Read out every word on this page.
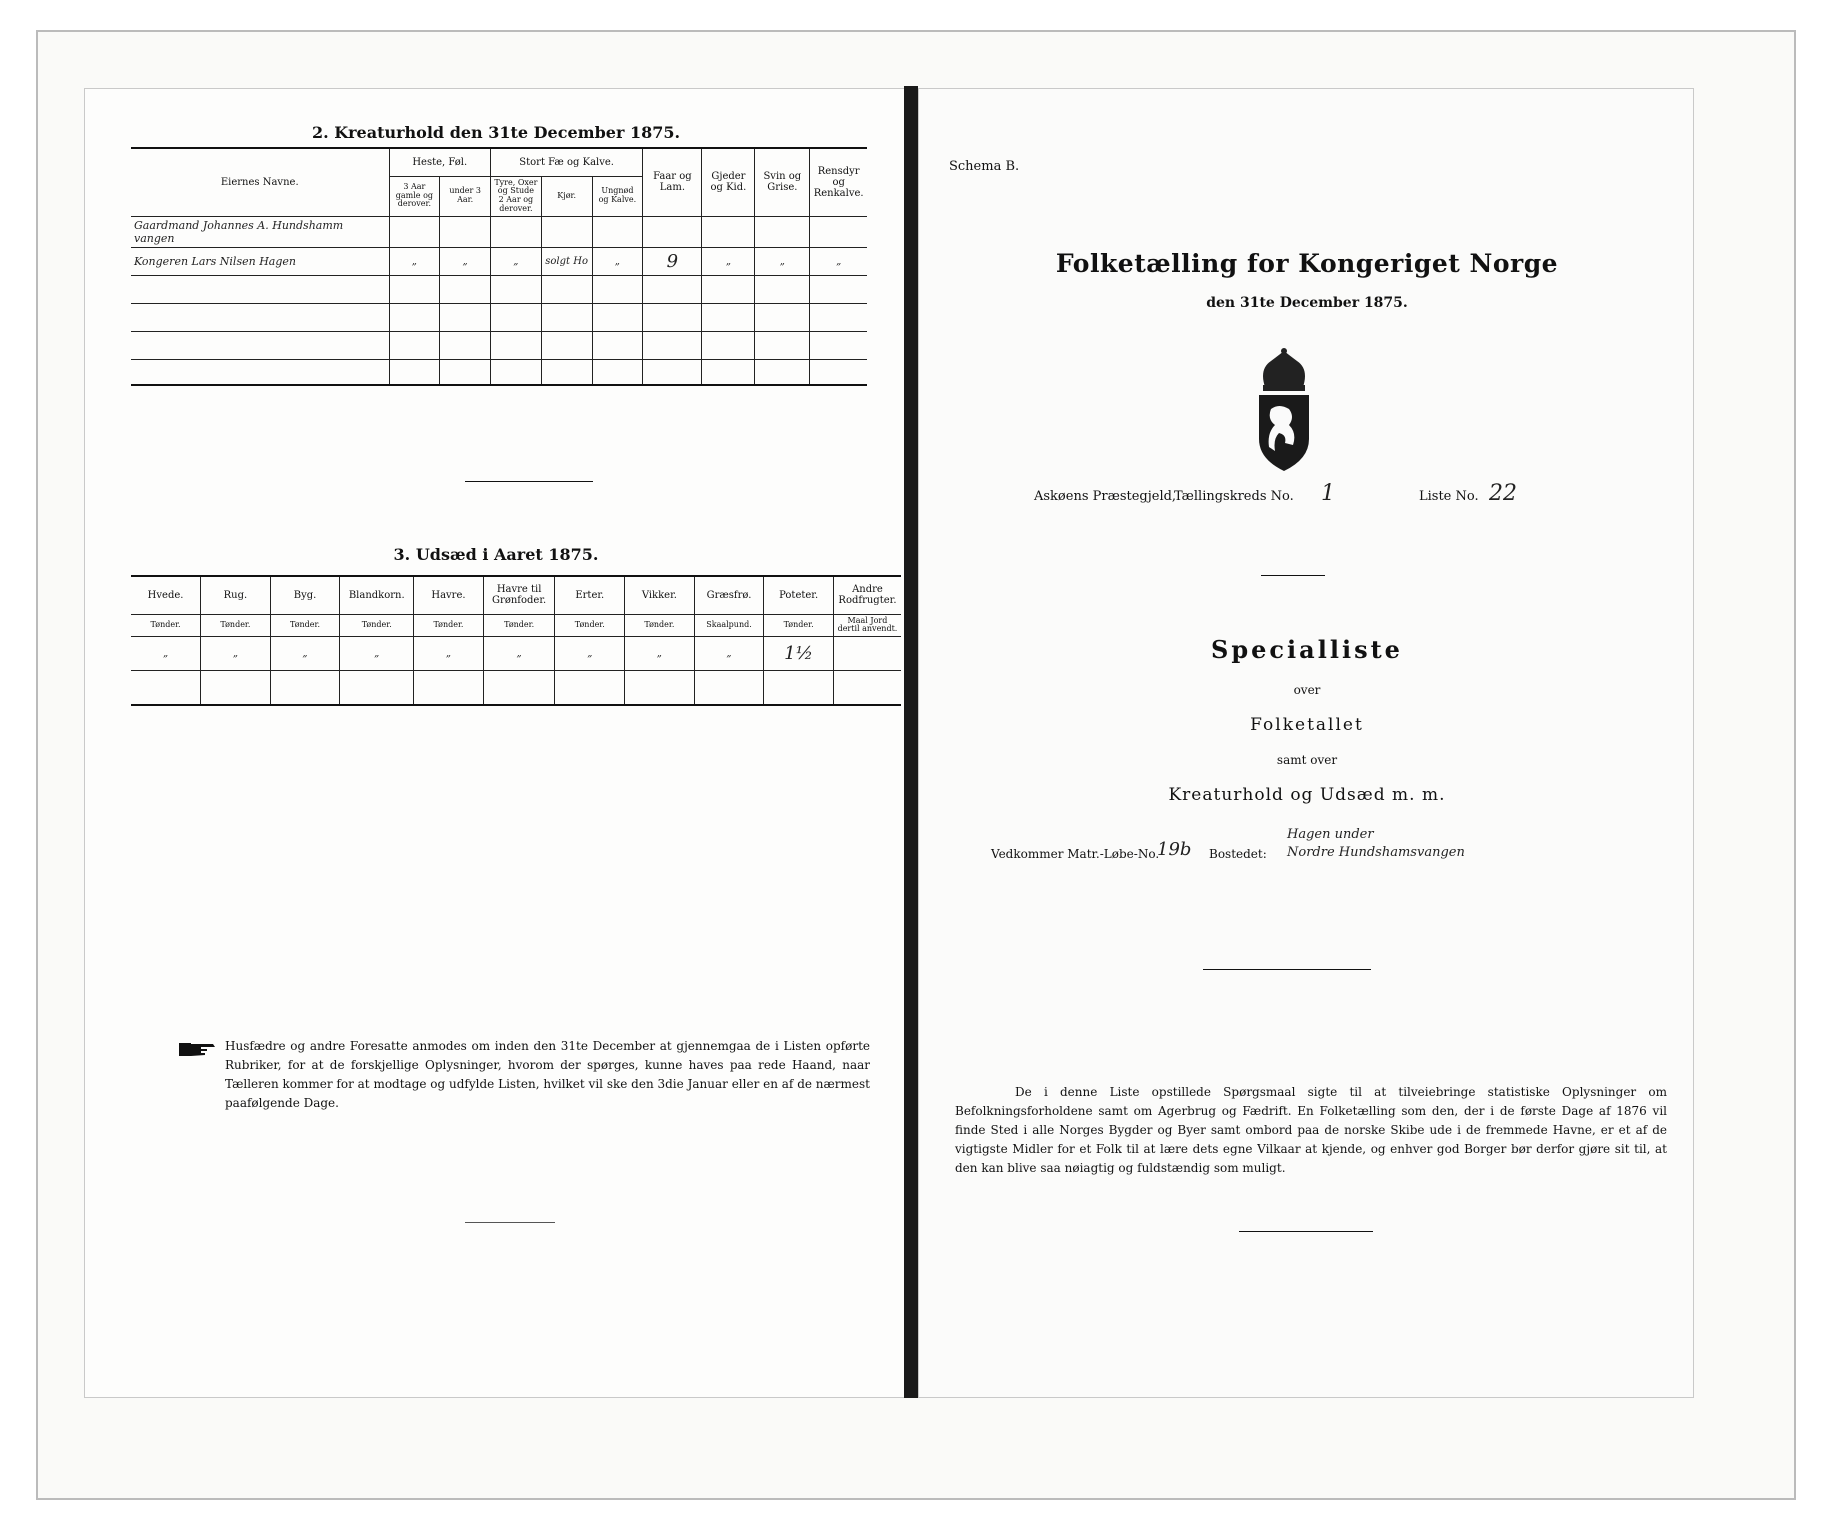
2. Kreaturhold den 31te December 1875.
Eiernes Navne.	Heste, Føl.		Stort Fæ og Kalve.			Faar og Lam.	Gjeder og Kid.	Svin og Grise.	Rensdyr og Renkalve.
	3 Aar gamle og derover.	under 3 Aar.	Tyre, Oxer og Stude 2 Aar og derover.	Kjør.	Ungnød og Kalve.				
Gaardmand Johannes A. Hundshamm vangen									
Kongeren Lars Nilsen Hagen	„	„	„	solgt Ho	„	9	„	„	„

3. Udsæd i Aaret 1875.
Hvede.	Rug.	Byg.	Blandkorn.	Havre.	Havre til Grønfoder.	Erter.	Vikker.	Græsfrø.	Poteter.	Andre Rodfrugter.
Tønder.	Tønder.	Tønder.	Tønder.	Tønder.	Tønder.	Tønder.	Tønder.	Skaalpund.	Tønder.	Maal Jord dertil anvendt.
„	„	„	„	„	„	„	„	„	1½	

Husfædre og andre Foresatte anmodes om inden den 31te December at gjennemgaa de i Listen opførte Rubriker, for at de forskjellige Oplysninger, hvorom der spørges, kunne haves paa rede Haand, naar Tælleren kommer for at modtage og udfylde Listen, hvilket vil ske den 3die Januar eller en af de nærmest paafølgende Dage.

Schema B.
Folketælling for Kongeriget Norge
den 31te December 1875.
Askøens Præstegjeld,
Tællingskreds No. 1	Liste No. 22
Specialliste
over
Folketallet
samt over
Kreaturhold og Udsæd m. m.
Vedkommer Matr.-Løbe-No.
19b Bostedet:
Hagen under
Nordre Hundshamsvangen

De i denne Liste opstillede Spørgsmaal sigte til at tilveiebringe statistiske Oplysninger om Befolkningsforholdene samt om Agerbrug og Fædrift. En Folketælling som den, der i de første Dage af 1876 vil finde Sted i alle Norges Bygder og Byer samt ombord paa de norske Skibe ude i de fremmede Havne, er et af de vigtigste Midler for et Folk til at lære dets egne Vilkaar at kjende, og enhver god Borger bør derfor gjøre sit til, at den kan blive saa nøiagtig og fuldstændig som muligt.
